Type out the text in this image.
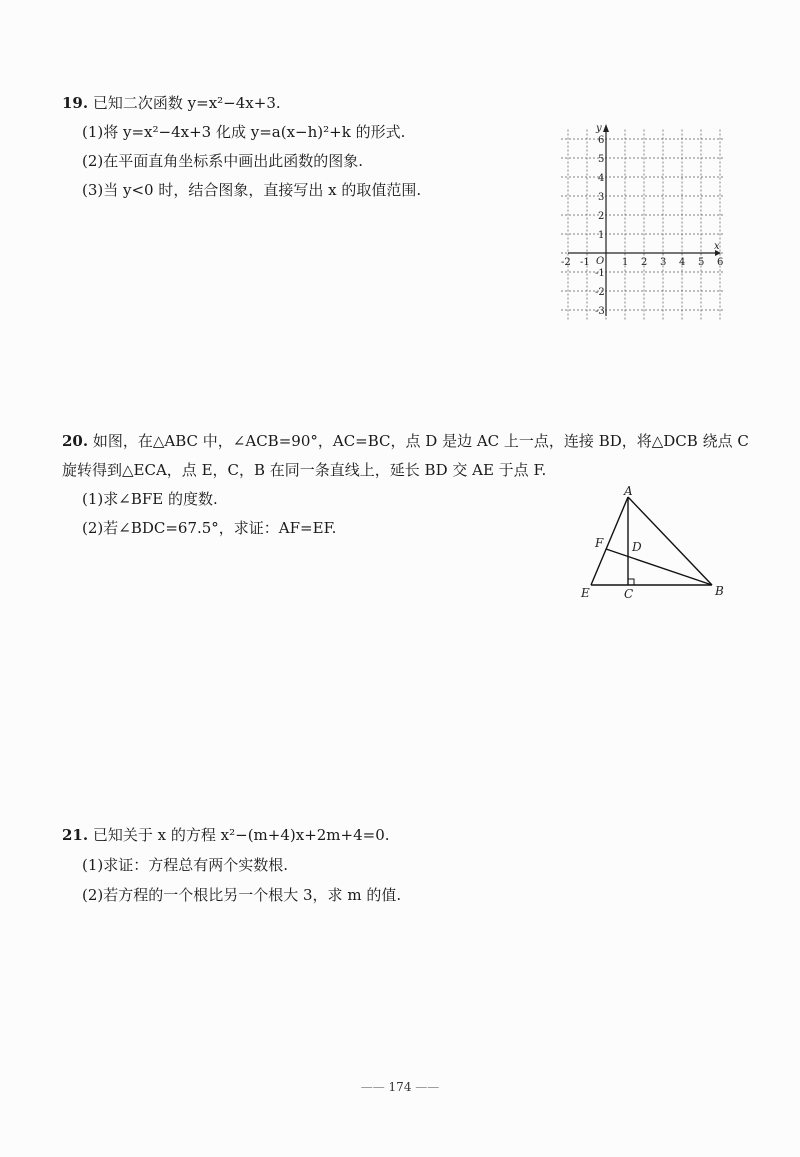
19. 已知二次函数 y=x²−4x+3.
(1)将 y=x²−4x+3 化成 y=a(x−h)²+k 的形式.
(2)在平面直角坐标系中画出此函数的图象.
(3)当 y<0 时，结合图象，直接写出 x 的取值范围.
x
y
O
-2 -1	1 2 3 4 5 6
6
5
4
3
2
1
-1
-2
-3
20. 如图，在△ABC 中，∠ACB=90°，AC=BC，点 D 是边 AC 上一点，连接 BD，将△DCB 绕点 C
旋转得到△ECA，点 E，C，B 在同一条直线上，延长 BD 交 AE 于点 F.
(1)求∠BFE 的度数.
(2)若∠BDC=67.5°，求证：AF=EF.
A
B
C
D
E
F
21. 已知关于 x 的方程 x²−(m+4)x+2m+4=0.
(1)求证：方程总有两个实数根.
(2)若方程的一个根比另一个根大 3，求 m 的值.
—— 174 ——
